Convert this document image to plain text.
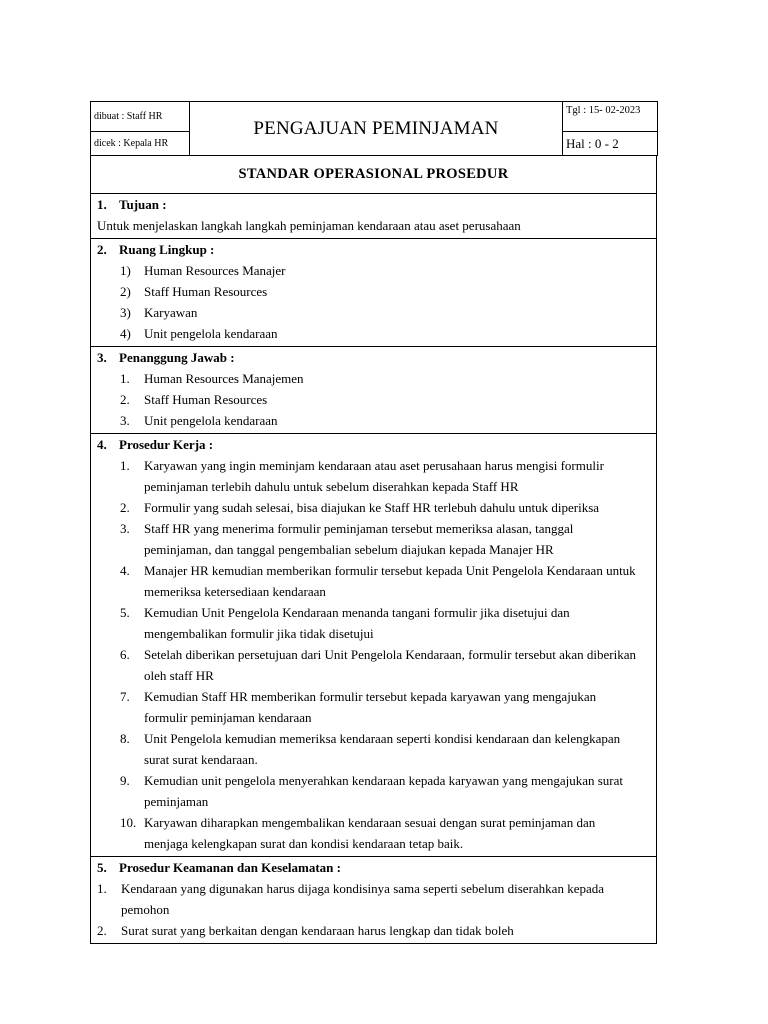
dibuat : Staff HR	PENGAJUAN PEMINJAMAN	Tgl : 15- 02-2023
dicek : Kepala HR		Hal : 0 - 2
STANDAR OPERASIONAL PROSEDUR
1. Tujuan :
Untuk menjelaskan langkah langkah peminjaman kendaraan atau aset perusahaan
2. Ruang Lingkup :
1)	Human Resources Manajer
2)	Staff Human Resources
3)	Karyawan
4)	Unit pengelola kendaraan
3. Penanggung Jawab :
1.	Human Resources Manajemen
2.	Staff Human Resources
3.	Unit pengelola kendaraan
4. Prosedur Kerja :
1.	Karyawan yang ingin meminjam kendaraan atau aset perusahaan harus mengisi formulir peminjaman terlebih dahulu untuk sebelum diserahkan kepada Staff HR
2.	Formulir yang sudah selesai, bisa diajukan ke Staff HR terlebuh dahulu untuk diperiksa
3.	Staff HR yang menerima formulir peminjaman tersebut memeriksa alasan, tanggal peminjaman, dan tanggal pengembalian sebelum diajukan kepada Manajer HR
4.	Manajer HR kemudian memberikan formulir tersebut kepada Unit Pengelola Kendaraan untuk memeriksa ketersediaan kendaraan
5.	Kemudian Unit Pengelola Kendaraan menanda tangani formulir jika disetujui dan mengembalikan formulir jika tidak disetujui
6.	Setelah diberikan persetujuan dari Unit Pengelola Kendaraan, formulir tersebut akan diberikan oleh staff HR
7.	Kemudian Staff HR memberikan formulir tersebut kepada karyawan yang mengajukan formulir peminjaman kendaraan
8.	Unit Pengelola kemudian memeriksa kendaraan seperti kondisi kendaraan dan kelengkapan surat surat kendaraan.
9.	Kemudian unit pengelola menyerahkan kendaraan kepada karyawan yang mengajukan surat peminjaman
10. Karyawan diharapkan mengembalikan kendaraan sesuai dengan surat peminjaman dan menjaga kelengkapan surat dan kondisi kendaraan tetap baik.
5. Prosedur Keamanan dan Keselamatan :
1.	Kendaraan yang digunakan harus dijaga kondisinya sama seperti sebelum diserahkan kepada pemohon
2.	Surat surat yang berkaitan dengan kendaraan harus lengkap dan tidak boleh
